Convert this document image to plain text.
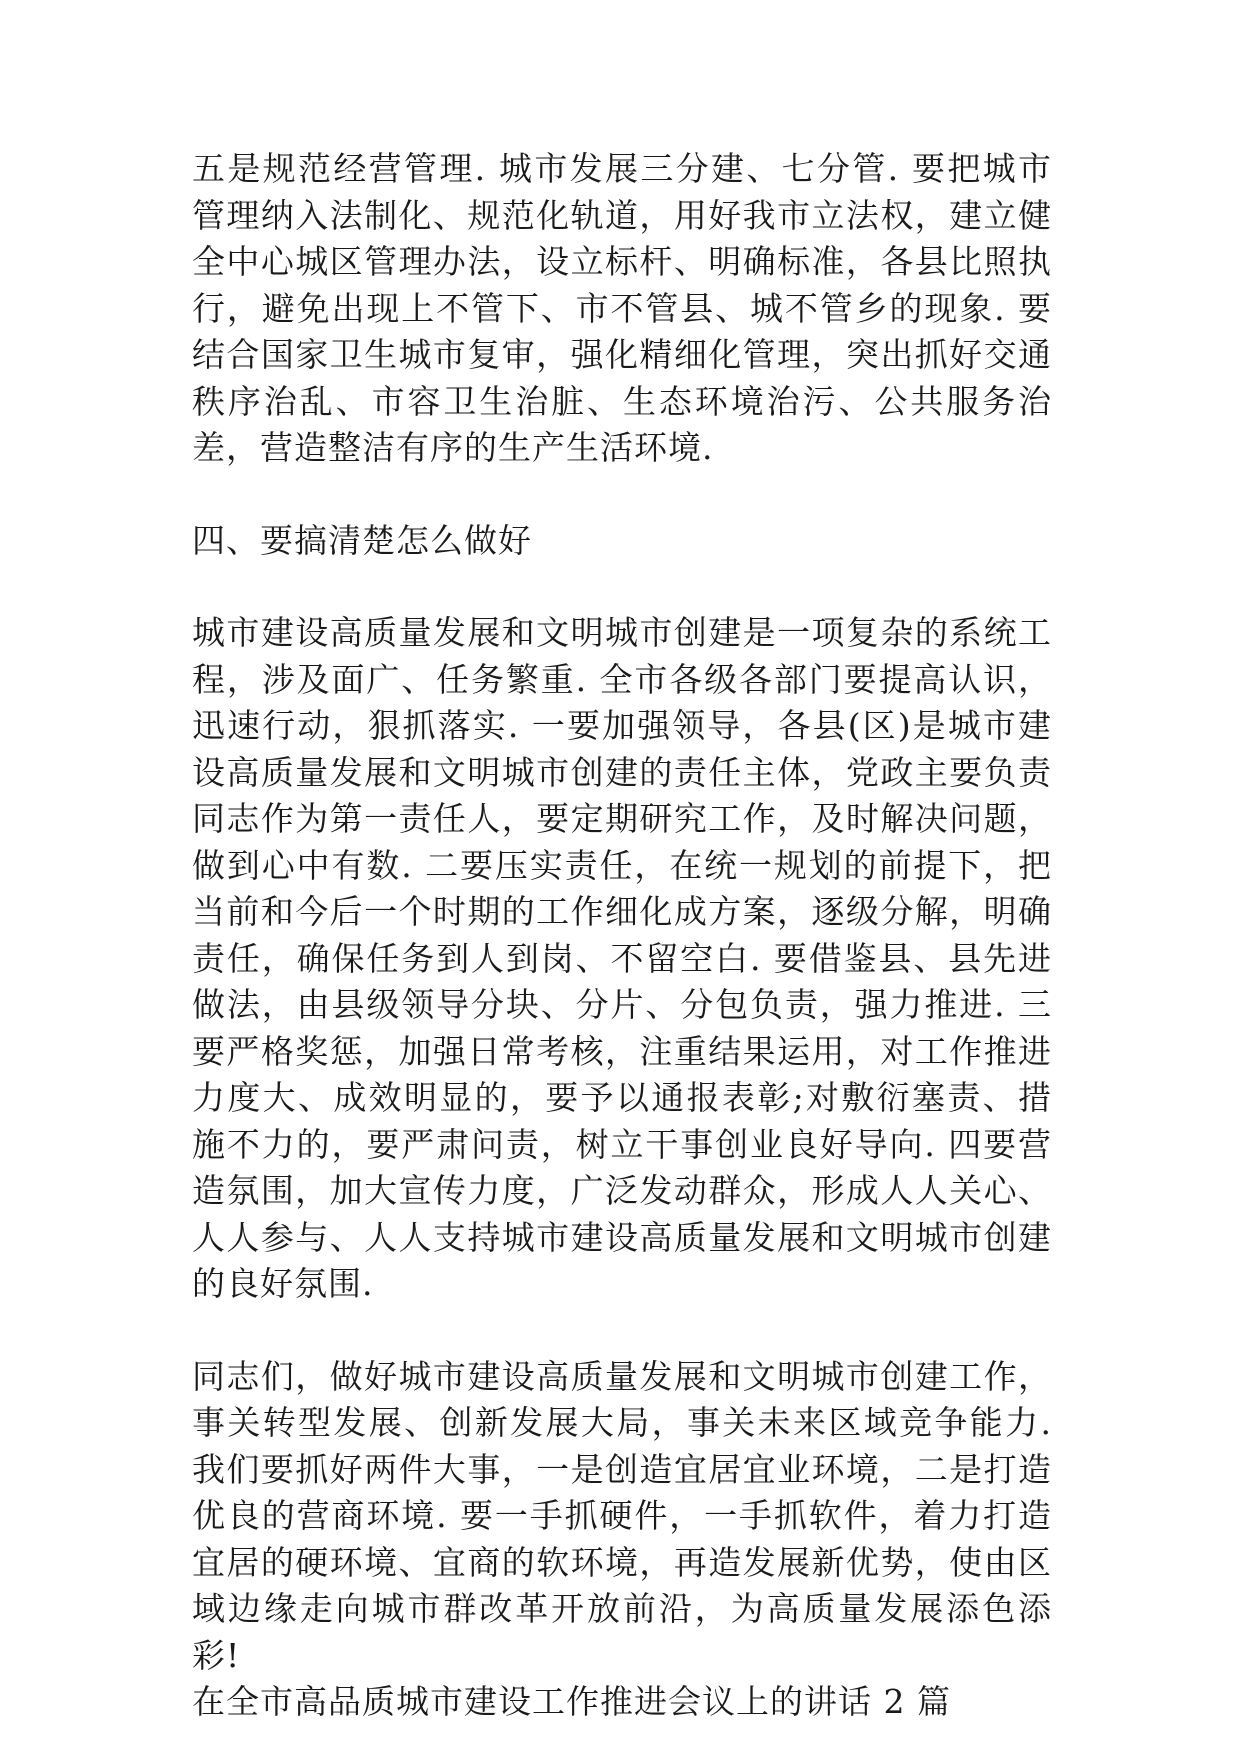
五是规范经营管理. 城市发展三分建、七分管. 要把城市管理纳入法制化、规范化轨道，用好我市立法权，建立健全中心城区管理办法，设立标杆、明确标准，各县比照执行，避免出现上不管下、市不管县、城不管乡的现象. 要结合国家卫生城市复审，强化精细化管理，突出抓好交通秩序治乱、市容卫生治脏、生态环境治污、公共服务治差，营造整洁有序的生产生活环境.

四、要搞清楚怎么做好

城市建设高质量发展和文明城市创建是一项复杂的系统工程，涉及面广、任务繁重. 全市各级各部门要提高认识，迅速行动，狠抓落实. 一要加强领导，各县(区)是城市建设高质量发展和文明城市创建的责任主体，党政主要负责同志作为第一责任人，要定期研究工作，及时解决问题，做到心中有数. 二要压实责任，在统一规划的前提下，把当前和今后一个时期的工作细化成方案，逐级分解，明确责任，确保任务到人到岗、不留空白. 要借鉴县、县先进做法，由县级领导分块、分片、分包负责，强力推进. 三要严格奖惩，加强日常考核，注重结果运用，对工作推进力度大、成效明显的，要予以通报表彰;对敷衍塞责、措施不力的，要严肃问责，树立干事创业良好导向. 四要营造氛围，加大宣传力度，广泛发动群众，形成人人关心、人人参与、人人支持城市建设高质量发展和文明城市创建的良好氛围.

同志们，做好城市建设高质量发展和文明城市创建工作，事关转型发展、创新发展大局，事关未来区域竞争能力. 我们要抓好两件大事，一是创造宜居宜业环境，二是打造优良的营商环境. 要一手抓硬件，一手抓软件，着力打造宜居的硬环境、宜商的软环境，再造发展新优势，使由区域边缘走向城市群改革开放前沿，为高质量发展添色添彩!

在全市高品质城市建设工作推进会议上的讲话 2 篇
